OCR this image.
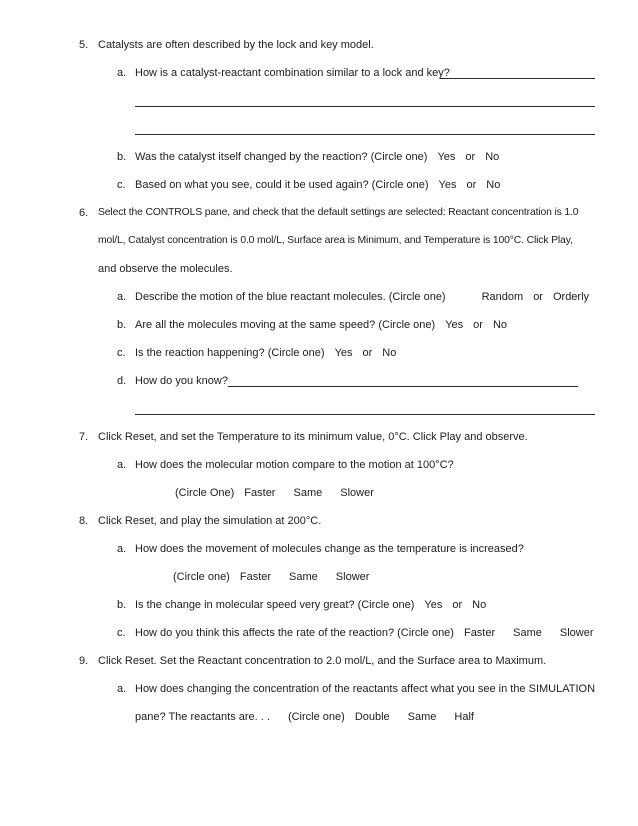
5. Catalysts are often described by the lock and key model.
a. How is a catalyst-reactant combination similar to a lock and key?
b. Was the catalyst itself changed by the reaction? (Circle one) Yes or No
c. Based on what you see, could it be used again? (Circle one) Yes or No
6. Select the CONTROLS pane, and check that the default settings are selected: Reactant concentration is 1.0
mol/L, Catalyst concentration is 0.0 mol/L, Surface area is Minimum, and Temperature is 100°C. Click Play,
and observe the molecules.
a. Describe the motion of the blue reactant molecules. (Circle one)	Random or Orderly
b. Are all the molecules moving at the same speed? (Circle one) Yes or No
c. Is the reaction happening? (Circle one) Yes or No
d. How do you know?
7. Click Reset, and set the Temperature to its minimum value, 0°C. Click Play and observe.
a. How does the molecular motion compare to the motion at 100°C?
(Circle One) Faster Same Slower
8. Click Reset, and play the simulation at 200°C.
a. How does the movement of molecules change as the temperature is increased?
(Circle one) Faster Same Slower
b. Is the change in molecular speed very great? (Circle one) Yes or No
c. How do you think this affects the rate of the reaction? (Circle one) Faster Same Slower
9. Click Reset. Set the Reactant concentration to 2.0 mol/L, and the Surface area to Maximum.
a. How does changing the concentration of the reactants affect what you see in the SIMULATION
pane? The reactants are. . . (Circle one) Double Same Half
